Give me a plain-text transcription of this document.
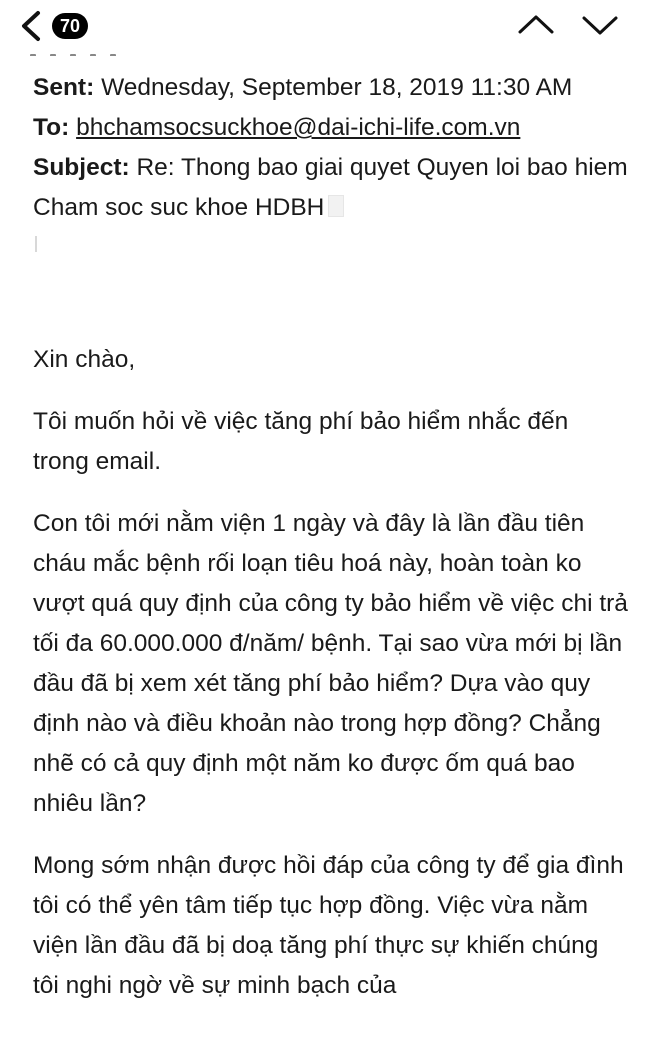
70

Sent: Wednesday, September 18, 2019 11:30 AM

To: bhchamsocsuckhoe@dai-ichi-life.com.vn

Subject: Re: Thong bao giai quyet Quyen loi bao hiem Cham soc suc khoe HDBH

Xin chào,

Tôi muốn hỏi về việc tăng phí bảo hiểm nhắc đến trong email.

Con tôi mới nằm viện 1 ngày và đây là lần đầu tiên cháu mắc bệnh rối loạn tiêu hoá này, hoàn toàn ko vượt quá quy định của công ty bảo hiểm về việc chi trả tối đa 60.000.000 đ/năm/ bệnh. Tại sao vừa mới bị lần đầu đã bị xem xét tăng phí bảo hiểm? Dựa vào quy định nào và điều khoản nào trong hợp đồng? Chẳng nhẽ có cả quy định một năm ko được ốm quá bao nhiêu lần?

Mong sớm nhận được hồi đáp của công ty để gia đình tôi có thể yên tâm tiếp tục hợp đồng. Việc vừa nằm viện lần đầu đã bị doạ tăng phí thực sự khiến chúng tôi nghi ngờ về sự minh bạch của
